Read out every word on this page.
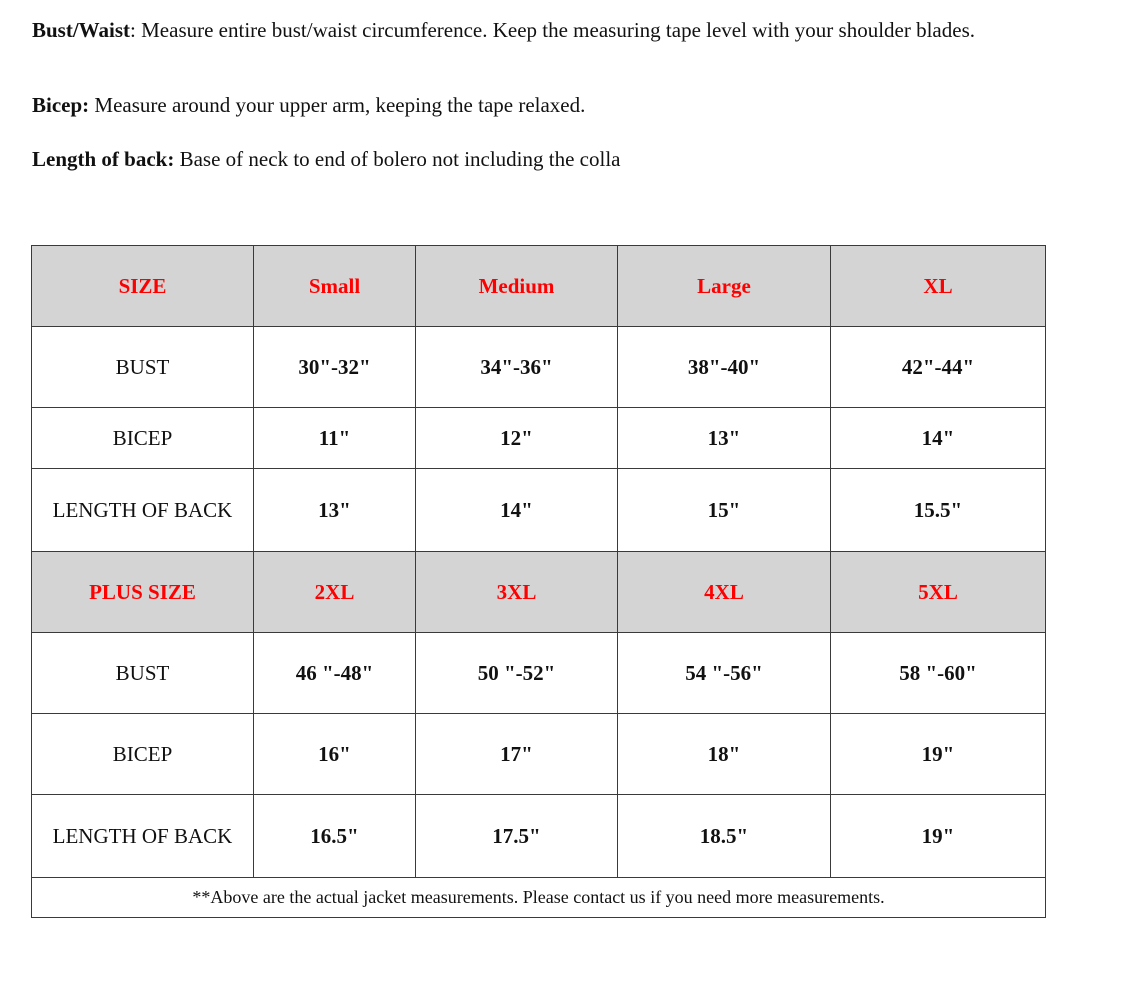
Bust/Waist: Measure entire bust/waist circumference. Keep the measuring tape level with your shoulder blades.
Bicep: Measure around your upper arm, keeping the tape relaxed.
Length of back: Base of neck to end of bolero not including the colla
SIZE	Small	Medium	Large	XL
BUST	30"-32"	34"-36"	38"-40"	42"-44"
BICEP	11"	12"	13"	14"
LENGTH OF BACK	13"	14"	15"	15.5"
PLUS SIZE	2XL	3XL	4XL	5XL
BUST	46 "-48"	50 "-52"	54 "-56"	58 "-60"
BICEP	16"	17"	18"	19"
LENGTH OF BACK	16.5"	17.5"	18.5"	19"
**Above are the actual jacket measurements. Please contact us if you need more measurements.				
